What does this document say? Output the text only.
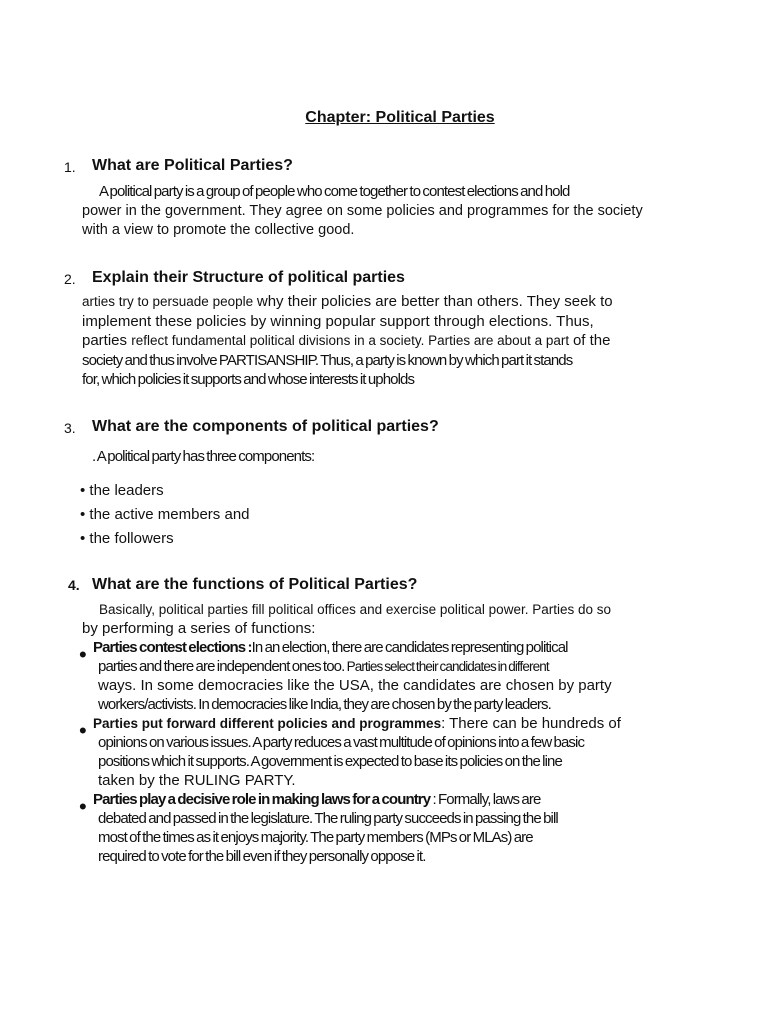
Chapter: Political Parties
1. What are Political Parties?
A political party is a group of people who come together to contest elections and hold
power in the government. They agree on some policies and programmes for the society
with a view to promote the collective good.
2. Explain their Structure of political parties
arties try to persuade people why their policies are better than others. They seek to
implement these policies by winning popular support through elections. Thus,
parties reflect fundamental political divisions in a society. Parties are about a part of the
society and thus involve PARTISANSHIP. Thus, a party is known by which part it stands
for, which policies it supports and whose interests it upholds
3. What are the components of political parties?
. A political party has three components:
• the leaders
• the active members and
• the followers
4. What are the functions of Political Parties?
Basically, political parties fill political offices and exercise political power. Parties do so
by performing a series of functions:
• Parties contest elections :In an election, there are candidates representing political
parties and there are independent ones too. Parties select their candidates in different
ways. In some democracies like the USA, the candidates are chosen by party
workers/activists. In democracies like India, they are chosen by the party leaders.
• Parties put forward different policies and programmes: There can be hundreds of
opinions on various issues. A party reduces a vast multitude of opinions into a few basic
positions which it supports. A government is expected to base its policies on the line
taken by the RULING PARTY.
• Parties play a decisive role in making laws for a country : Formally, laws are
debated and passed in the legislature. The ruling party succeeds in passing the bill
most of the times as it enjoys majority. The party members (MPs or MLAs) are
required to vote for the bill even if they personally oppose it.
